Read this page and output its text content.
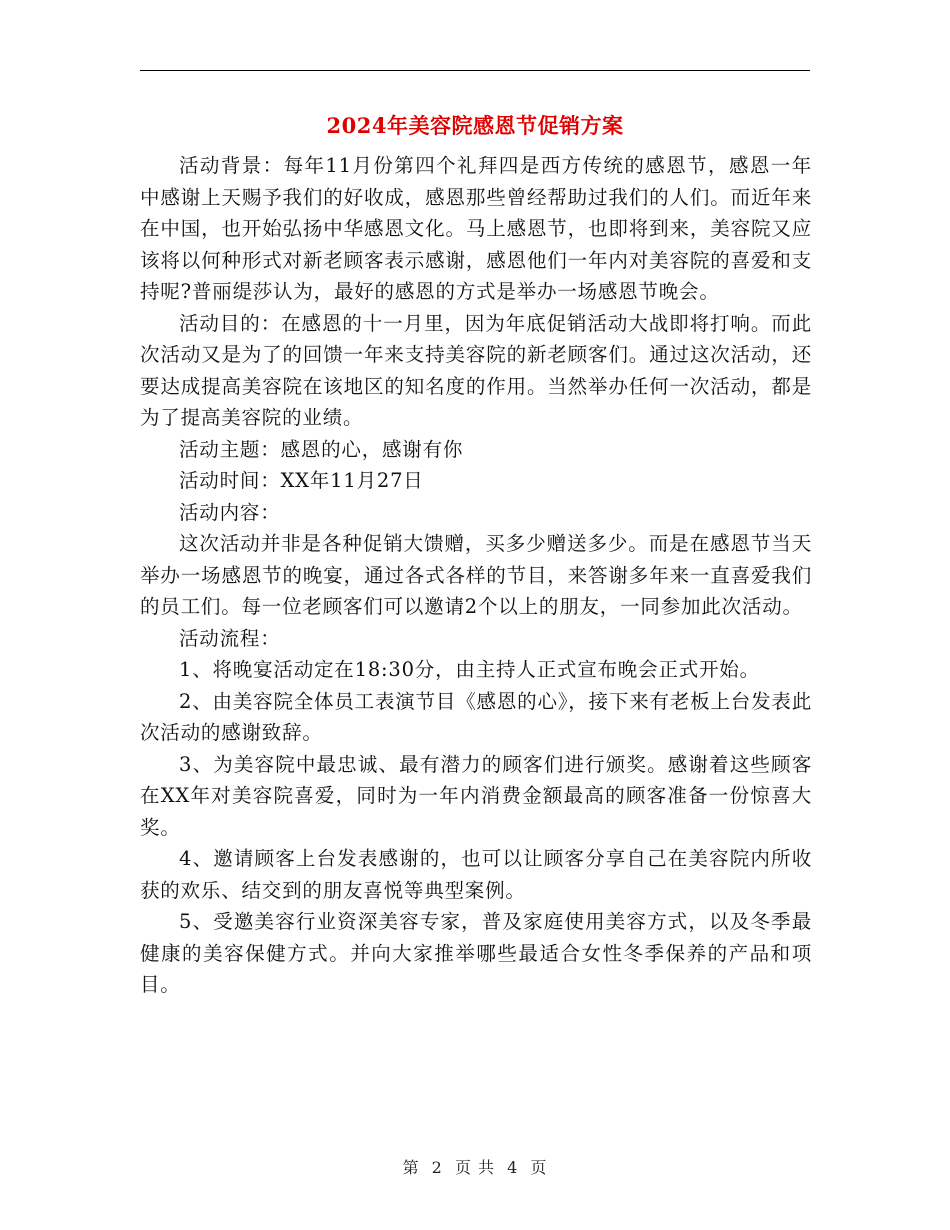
2024年美容院感恩节促销方案

活动背景：每年11月份第四个礼拜四是西方传统的感恩节，感恩一年中感谢上天赐予我们的好收成，感恩那些曾经帮助过我们的人们。而近年来在中国，也开始弘扬中华感恩文化。马上感恩节，也即将到来，美容院又应该将以何种形式对新老顾客表示感谢，感恩他们一年内对美容院的喜爱和支持呢?普丽缇莎认为，最好的感恩的方式是举办一场感恩节晚会。

活动目的：在感恩的十一月里，因为年底促销活动大战即将打响。而此次活动又是为了的回馈一年来支持美容院的新老顾客们。通过这次活动，还要达成提高美容院在该地区的知名度的作用。当然举办任何一次活动，都是为了提高美容院的业绩。

活动主题：感恩的心，感谢有你

活动时间：XX年11月27日

活动内容：

这次活动并非是各种促销大馈赠，买多少赠送多少。而是在感恩节当天举办一场感恩节的晚宴，通过各式各样的节目，来答谢多年来一直喜爱我们的员工们。每一位老顾客们可以邀请2个以上的朋友，一同参加此次活动。

活动流程：

1、将晚宴活动定在18:30分，由主持人正式宣布晚会正式开始。

2、由美容院全体员工表演节目《感恩的心》，接下来有老板上台发表此次活动的感谢致辞。

3、为美容院中最忠诚、最有潜力的顾客们进行颁奖。感谢着这些顾客在XX年对美容院喜爱，同时为一年内消费金额最高的顾客准备一份惊喜大奖。

4、邀请顾客上台发表感谢的，也可以让顾客分享自己在美容院内所收获的欢乐、结交到的朋友喜悦等典型案例。

5、受邀美容行业资深美容专家，普及家庭使用美容方式，以及冬季最健康的美容保健方式。并向大家推举哪些最适合女性冬季保养的产品和项目。

第 2 页 共 4 页
